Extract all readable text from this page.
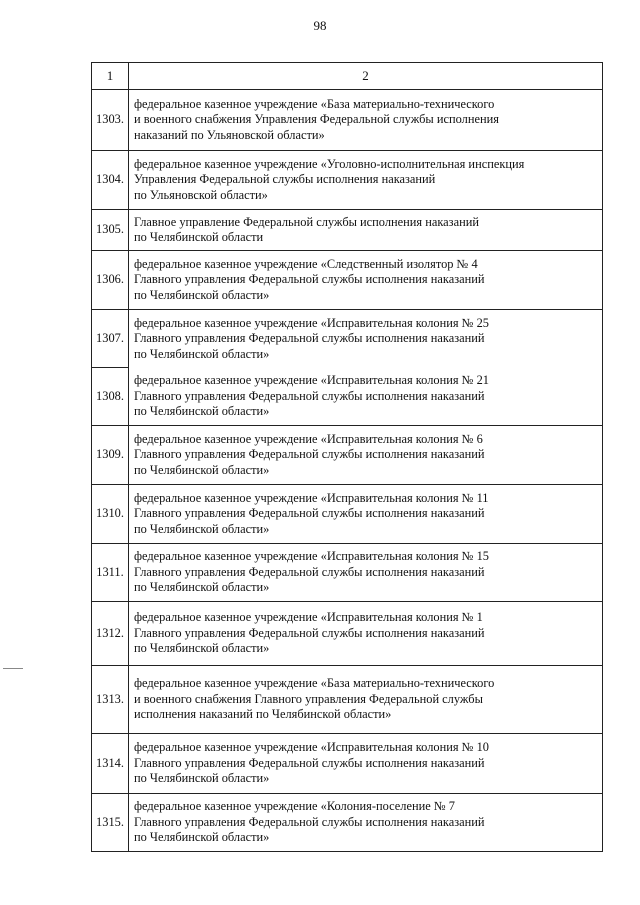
98
1	2
1303.	федеральное казенное учреждение «База материально-технического
и военного снабжения Управления Федеральной службы исполнения
наказаний по Ульяновской области»
1304.	федеральное казенное учреждение «Уголовно-исполнительная инспекция
Управления Федеральной службы исполнения наказаний
по Ульяновской области»
1305.	Главное управление Федеральной службы исполнения наказаний
по Челябинской области
1306.	федеральное казенное учреждение «Следственный изолятор № 4
Главного управления Федеральной службы исполнения наказаний
по Челябинской области»
1307.	федеральное казенное учреждение «Исправительная колония № 25
Главного управления Федеральной службы исполнения наказаний
по Челябинской области»
1308.	федеральное казенное учреждение «Исправительная колония № 21
Главного управления Федеральной службы исполнения наказаний
по Челябинской области»
1309.	федеральное казенное учреждение «Исправительная колония № 6
Главного управления Федеральной службы исполнения наказаний
по Челябинской области»
1310.	федеральное казенное учреждение «Исправительная колония № 11
Главного управления Федеральной службы исполнения наказаний
по Челябинской области»
1311.	федеральное казенное учреждение «Исправительная колония № 15
Главного управления Федеральной службы исполнения наказаний
по Челябинской области»
1312.	федеральное казенное учреждение «Исправительная колония № 1
Главного управления Федеральной службы исполнения наказаний
по Челябинской области»
1313.	федеральное казенное учреждение «База материально-технического
и военного снабжения Главного управления Федеральной службы
исполнения наказаний по Челябинской области»
1314.	федеральное казенное учреждение «Исправительная колония № 10
Главного управления Федеральной службы исполнения наказаний
по Челябинской области»
1315.	федеральное казенное учреждение «Колония-поселение № 7
Главного управления Федеральной службы исполнения наказаний
по Челябинской области»
